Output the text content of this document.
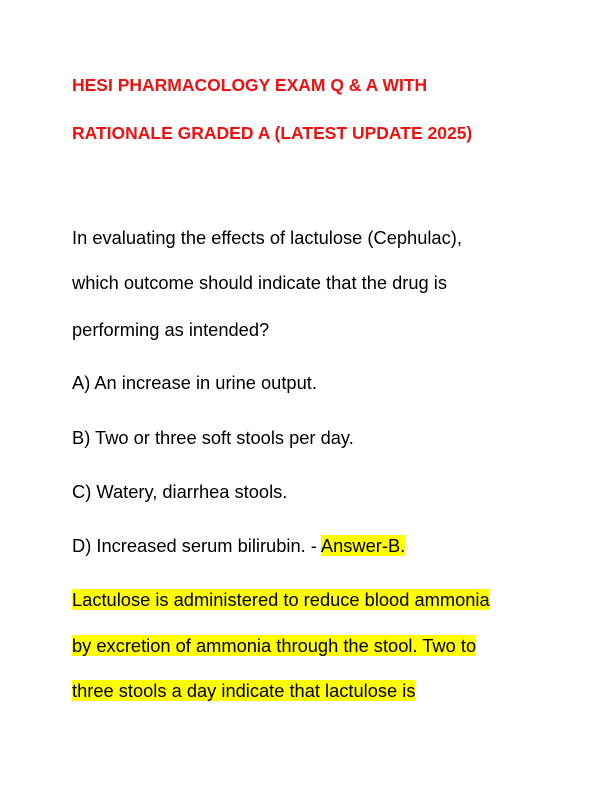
HESI PHARMACOLOGY EXAM Q & A WITH
RATIONALE GRADED A (LATEST UPDATE 2025)
In evaluating the effects of lactulose (Cephulac),
which outcome should indicate that the drug is
performing as intended?
A) An increase in urine output.
B) Two or three soft stools per day.
C) Watery, diarrhea stools.
D) Increased serum bilirubin. - Answer-B.
Lactulose is administered to reduce blood ammonia
by excretion of ammonia through the stool. Two to
three stools a day indicate that lactulose is
